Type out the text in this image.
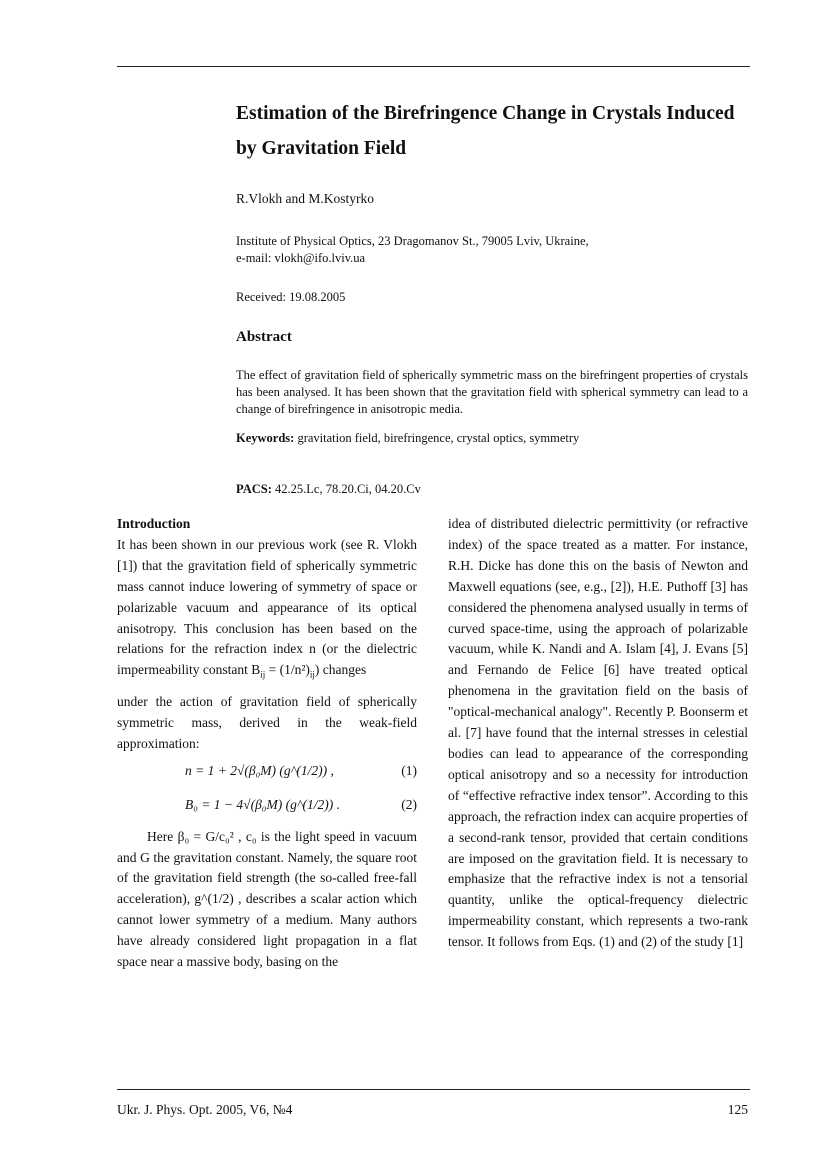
Estimation of the Birefringence Change in Crystals Induced by Gravitation Field
R.Vlokh and M.Kostyrko
Institute of Physical Optics, 23 Dragomanov St., 79005 Lviv, Ukraine,
e-mail: vlokh@ifo.lviv.ua
Received: 19.08.2005
Abstract

The effect of gravitation field of spherically symmetric mass on the birefringent properties of crystals has been analysed. It has been shown that the gravitation field with spherical symmetry can lead to a change of birefringence in anisotropic media.

Keywords: gravitation field, birefringence, crystal optics, symmetry
PACS: 42.25.Lc, 78.20.Ci, 04.20.Cv

Introduction

It has been shown in our previous work (see R. Vlokh [1]) that the gravitation field of spherically symmetric mass cannot induce lowering of symmetry of space or polarizable vacuum and appearance of its optical anisotropy. This conclusion has been based on the relations for the refraction index n (or the dielectric impermeability constant $B_{ij} = (1/n^2)_{ij}$) changes

under the action of gravitation field of spherically symmetric mass, derived in the weak-field approximation:

n = 1 + 2√(β₀M) (g^(1/2)) ,	(1)
B₀ = 1 − 4√(β₀M) (g^(1/2)) .	(2)

Here β₀ = G/c₀² , c₀ is the light speed in vacuum and G the gravitation constant. Namely, the square root of the gravitation field strength (the so-called free-fall acceleration), g^(1/2) , describes a scalar action which cannot lower symmetry of a medium. Many authors have already considered light propagation in a flat space near a massive body, basing on the

idea of distributed dielectric permittivity (or refractive index) of the space treated as a matter. For instance, R.H. Dicke has done this on the basis of Newton and Maxwell equations (see, e.g., [2]), H.E. Puthoff [3] has considered the phenomena analysed usually in terms of curved space-time, using the approach of polarizable vacuum, while K. Nandi and A. Islam [4], J. Evans [5] and Fernando de Felice [6] have treated optical phenomena in the gravitation field on the basis of "optical-mechanical analogy". Recently P. Boonserm et al. [7] have found that the internal stresses in celestial bodies can lead to appearance of the corresponding optical anisotropy and so a necessity for introduction of “effective refractive index tensor”. According to this approach, the refraction index can acquire properties of a second-rank tensor, provided that certain conditions are imposed on the gravitation field. It is necessary to emphasize that the refractive index is not a tensorial quantity, unlike the optical-frequency dielectric impermeability constant, which represents a two-rank tensor. It follows from Eqs. (1) and (2) of the study [1]

Ukr. J. Phys. Opt. 2005, V6, №4	125
